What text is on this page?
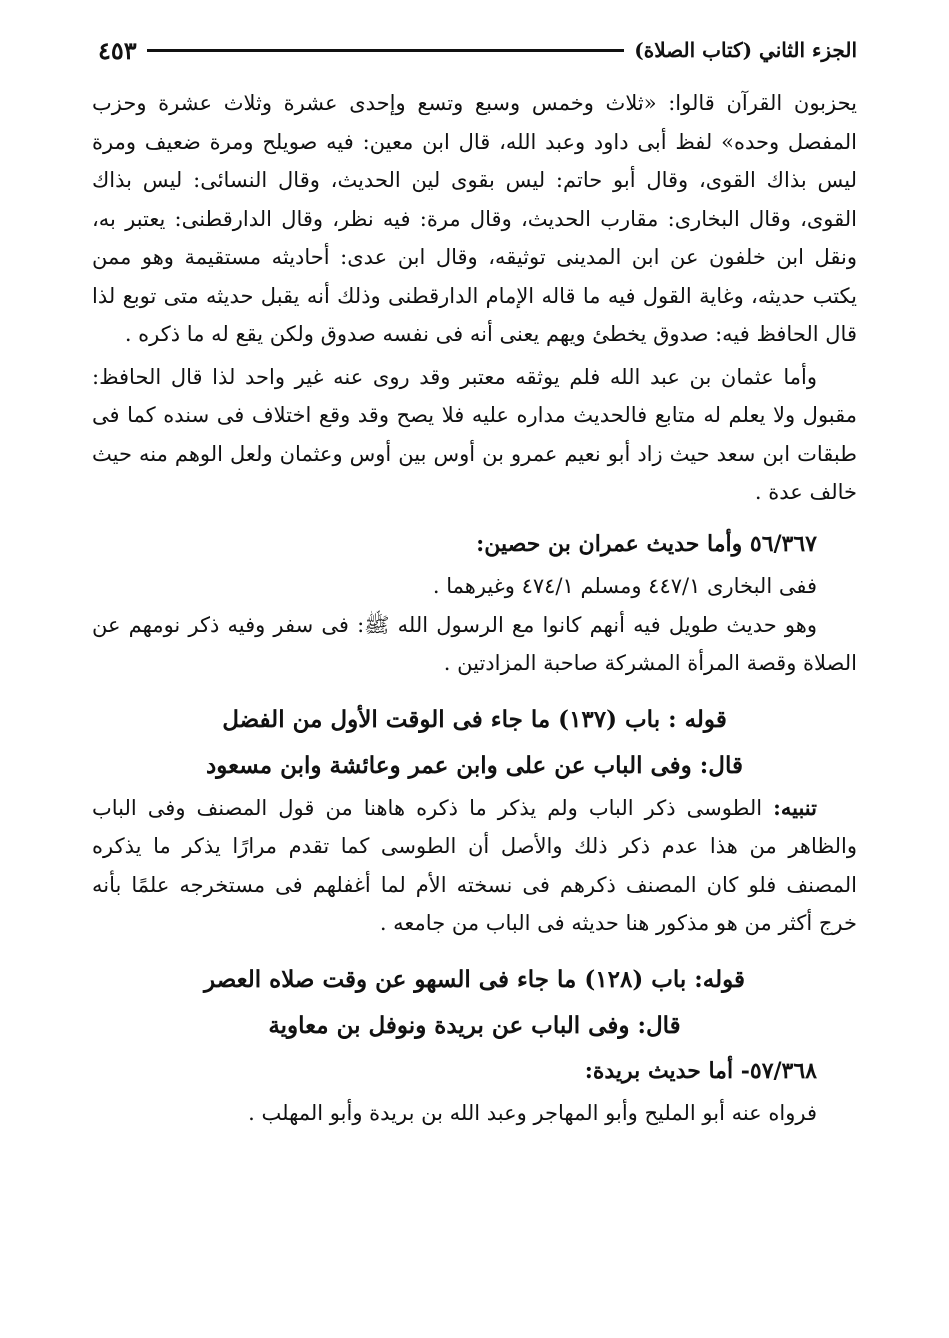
الجزء الثاني (كتاب الصلاة)
٤٥٣

يحزبون القرآن قالوا: «ثلاث وخمس وسبع وتسع وإحدى عشرة وثلاث عشرة وحزب المفصل وحده» لفظ أبى داود وعبد الله، قال ابن معين: فيه صويلح ومرة ضعيف ومرة ليس بذاك القوى، وقال أبو حاتم: ليس بقوى لين الحديث، وقال النسائى: ليس بذاك القوى، وقال البخارى: مقارب الحديث، وقال مرة: فيه نظر، وقال الدارقطنى: يعتبر به، ونقل ابن خلفون عن ابن المدينى توثيقه، وقال ابن عدى: أحاديثه مستقيمة وهو ممن يكتب حديثه، وغاية القول فيه ما قاله الإمام الدارقطنى وذلك أنه يقبل حديثه متى توبع لذا قال الحافظ فيه: صدوق يخطئ ويهم يعنى أنه فى نفسه صدوق ولكن يقع له ما ذكره .

وأما عثمان بن عبد الله فلم يوثقه معتبر وقد روى عنه غير واحد لذا قال الحافظ: مقبول ولا يعلم له متابع فالحديث مداره عليه فلا يصح وقد وقع اختلاف فى سنده كما فى طبقات ابن سعد حيث زاد أبو نعيم عمرو بن أوس بين أوس وعثمان ولعل الوهم منه حيث خالف عدة .

٥٦/٣٦٧ وأما حديث عمران بن حصين:
ففى البخارى ٤٤٧/١ ومسلم ٤٧٤/١ وغيرهما .

وهو حديث طويل فيه أنهم كانوا مع الرسول الله ﷺ: فى سفر وفيه ذكر نومهم عن الصلاة وقصة المرأة المشركة صاحبة المزادتين .

قوله : باب (١٣٧) ما جاء فى الوقت الأول من الفضل
قال: وفى الباب عن على وابن عمر وعائشة وابن مسعود

تنبيه: الطوسى ذكر الباب ولم يذكر ما ذكره هاهنا من قول المصنف وفى الباب والظاهر من هذا عدم ذكر ذلك والأصل أن الطوسى كما تقدم مرارًا يذكر ما يذكره المصنف فلو كان المصنف ذكرهم فى نسخته الأم لما أغفلهم فى مستخرجه علمًا بأنه خرج أكثر من هو مذكور هنا حديثه فى الباب من جامعه .

قوله: باب (١٢٨) ما جاء فى السهو عن وقت صلاه العصر
قال: وفى الباب عن بريدة ونوفل بن معاوية
٥٧/٣٦٨- أما حديث بريدة:
فرواه عنه أبو المليح وأبو المهاجر وعبد الله بن بريدة وأبو المهلب .
